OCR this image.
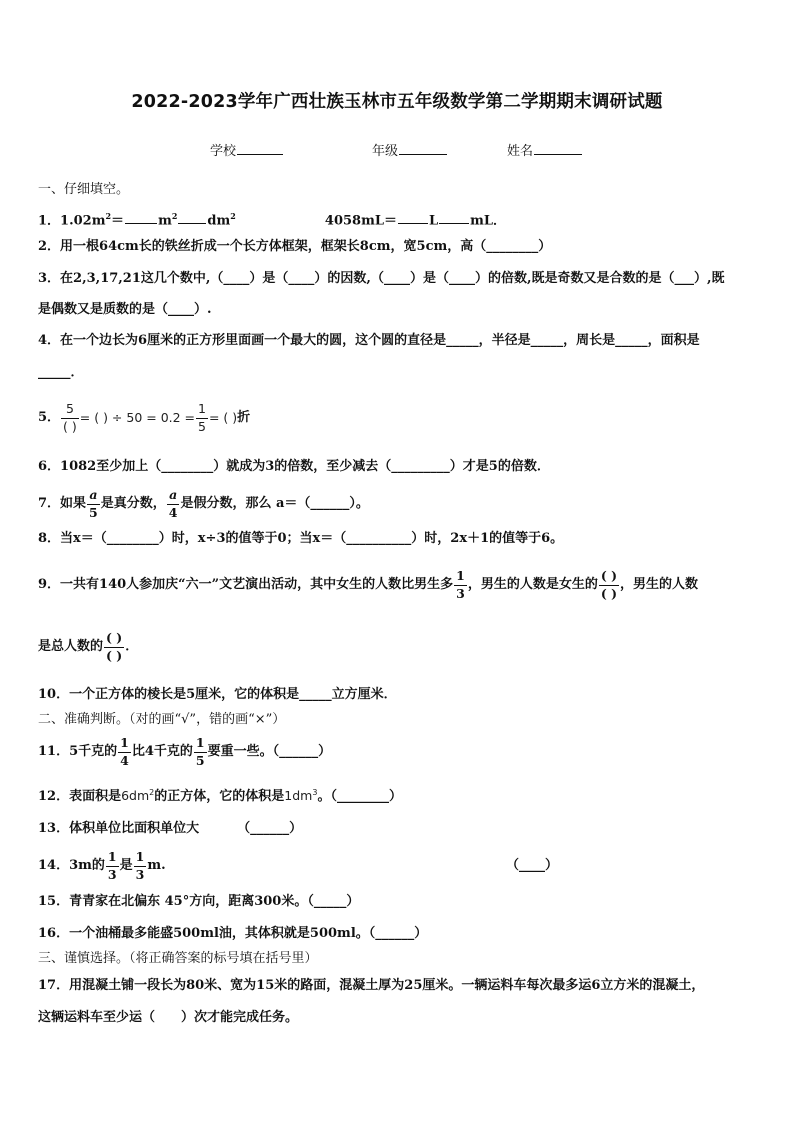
2022-2023学年广西壮族玉林市五年级数学第二学期期末调研试题
学校	年级	姓名
一、仔细填空。
1．$1.02m^2=$	$m^2$ $dm^2$	4058mL＝ L mL．
2．用一根64cm长的铁丝折成一个长方体框架，框架长8cm，宽5cm，高（________）
3．在2,3,17,21这几个数中,（____）是（____）的因数,（____）是（____）的倍数,既是奇数又是合数的是（___）,既
是偶数又是质数的是（____）.
4．在一个边长为6厘米的正方形里面画一个最大的圆，这个圆的直径是_____，半径是_____，周长是_____，面积是
_____．
5． $\frac{5}{( )}$ = ( ) ÷ $50 = 0.2 = \frac{1}{5}$ = ( ) 折
6．1082至少加上（________）就成为3的倍数，至少减去（_________）才是5的倍数．
7．如果 $\frac{a}{5}$ 是真分数， $\frac{a}{4}$ 是假分数，那么 a＝（______）。
8．当x＝（________）时，x÷3的值等于0；当x＝（__________）时，2x＋1的值等于6。
9．一共有140人参加庆“六一”文艺演出活动，其中女生的人数比男生多 $\frac{1}{3}$ ，男生的人数是女生的 $\frac{( )}{( )}$ ，男生的人数
是总人数的 $\frac{( )}{( )}$ ．
10．一个正方体的棱长是5厘米，它的体积是_____立方厘米．
二、准确判断。（对的画“√”，错的画“×”）
11．5千克的 $\frac{1}{4}$ 比4千克的 $\frac{1}{5}$ 要重一些。（______）
12．表面积是$6dm^2$的正方体，它的体积是$1dm^3$。（________）
13．体积单位比面积单位大	（______）
14．3m的 $\frac{1}{3}$ 是 $\frac{1}{3} m$.	（____）
15．青青家在北偏东 45°方向，距离300米。（_____）
16．一个油桶最多能盛500ml油，其体积就是500ml。（______）
三、谨慎选择。（将正确答案的标号填在括号里）
17．用混凝土铺一段长为80米、宽为15米的路面，混凝土厚为25厘米。一辆运料车每次最多运6立方米的混凝土，
这辆运料车至少运（　　）次才能完成任务。
